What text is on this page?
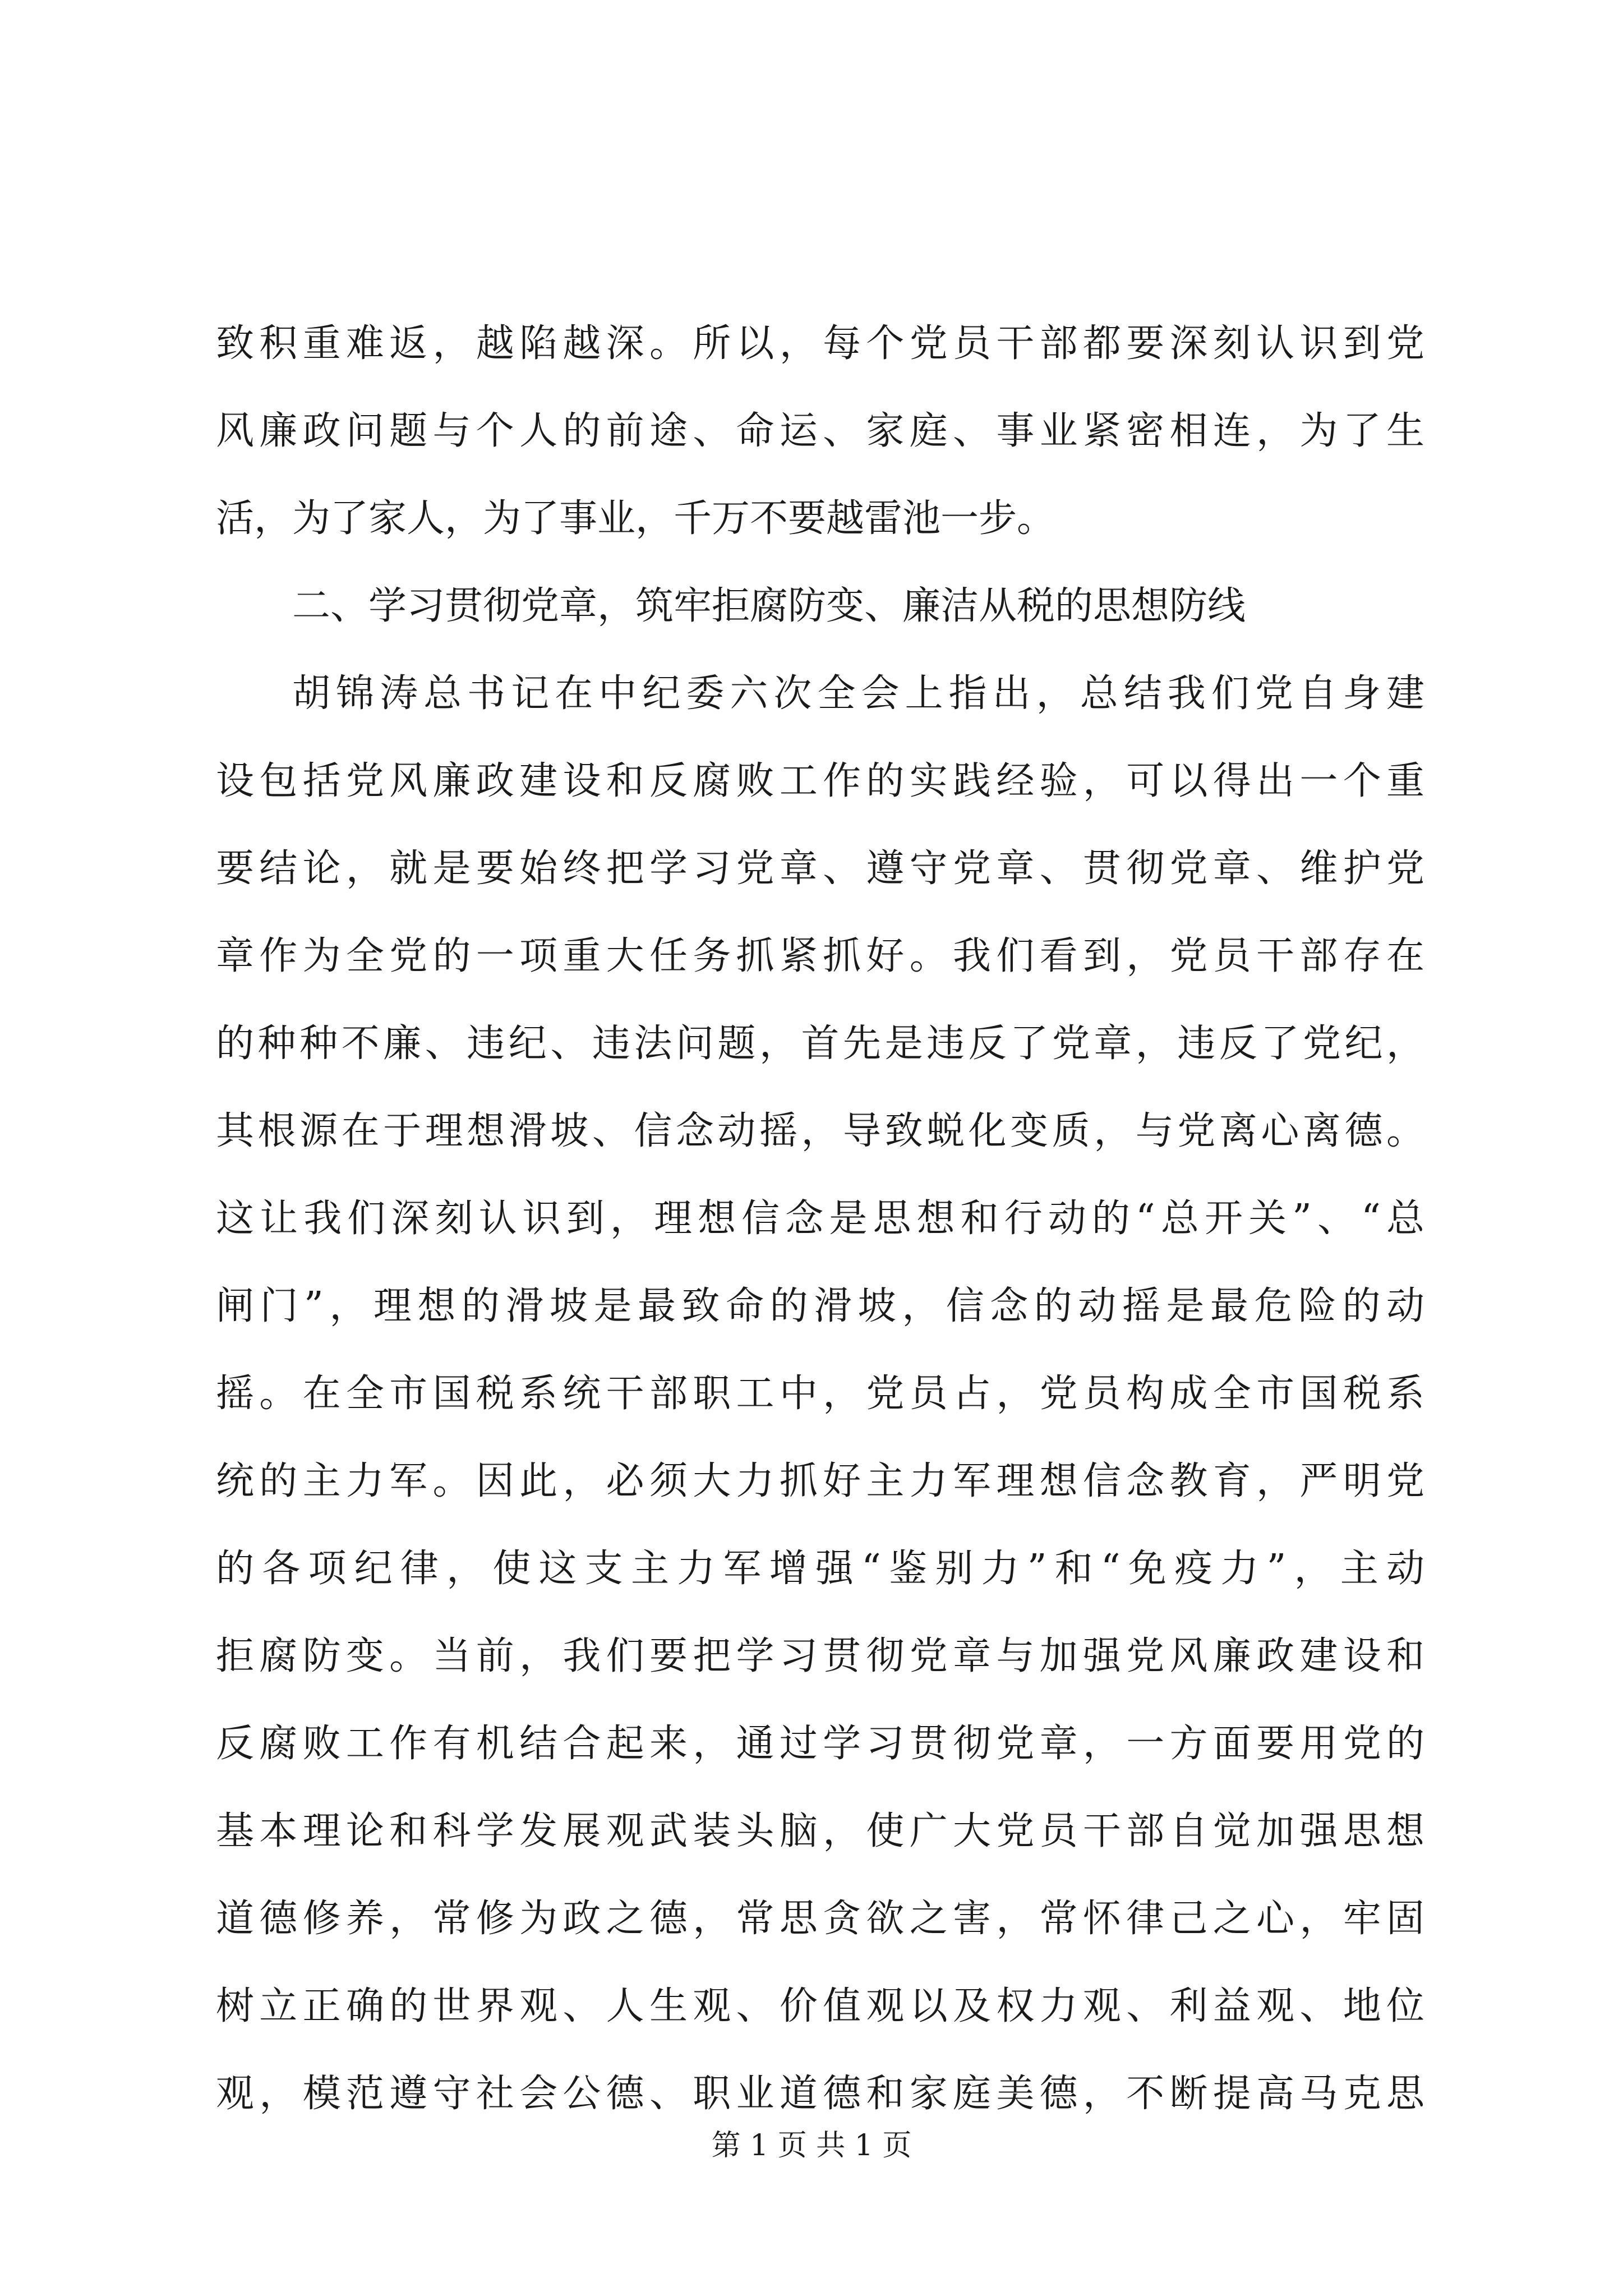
致积重难返，越陷越深。所以，每个党员干部都要深刻认识到党
风廉政问题与个人的前途、命运、家庭、事业紧密相连，为了生
活，为了家人，为了事业，千万不要越雷池一步。
二、学习贯彻党章，筑牢拒腐防变、廉洁从税的思想防线
胡锦涛总书记在中纪委六次全会上指出，总结我们党自身建
设包括党风廉政建设和反腐败工作的实践经验，可以得出一个重
要结论，就是要始终把学习党章、遵守党章、贯彻党章、维护党
章作为全党的一项重大任务抓紧抓好。我们看到，党员干部存在
的种种不廉、违纪、违法问题，首先是违反了党章，违反了党纪，
其根源在于理想滑坡、信念动摇，导致蜕化变质，与党离心离德。
这让我们深刻认识到，理想信念是思想和行动的“总开关”、“总
闸门”，理想的滑坡是最致命的滑坡，信念的动摇是最危险的动
摇。在全市国税系统干部职工中，党员占，党员构成全市国税系
统的主力军。因此，必须大力抓好主力军理想信念教育，严明党
的各项纪律，使这支主力军增强“鉴别力”和“免疫力”，主动
拒腐防变。当前，我们要把学习贯彻党章与加强党风廉政建设和
反腐败工作有机结合起来，通过学习贯彻党章，一方面要用党的
基本理论和科学发展观武装头脑，使广大党员干部自觉加强思想
道德修养，常修为政之德，常思贪欲之害，常怀律己之心，牢固
树立正确的世界观、人生观、价值观以及权力观、利益观、地位
观，模范遵守社会公德、职业道德和家庭美德，不断提高马克思
第 1 页 共 1 页
